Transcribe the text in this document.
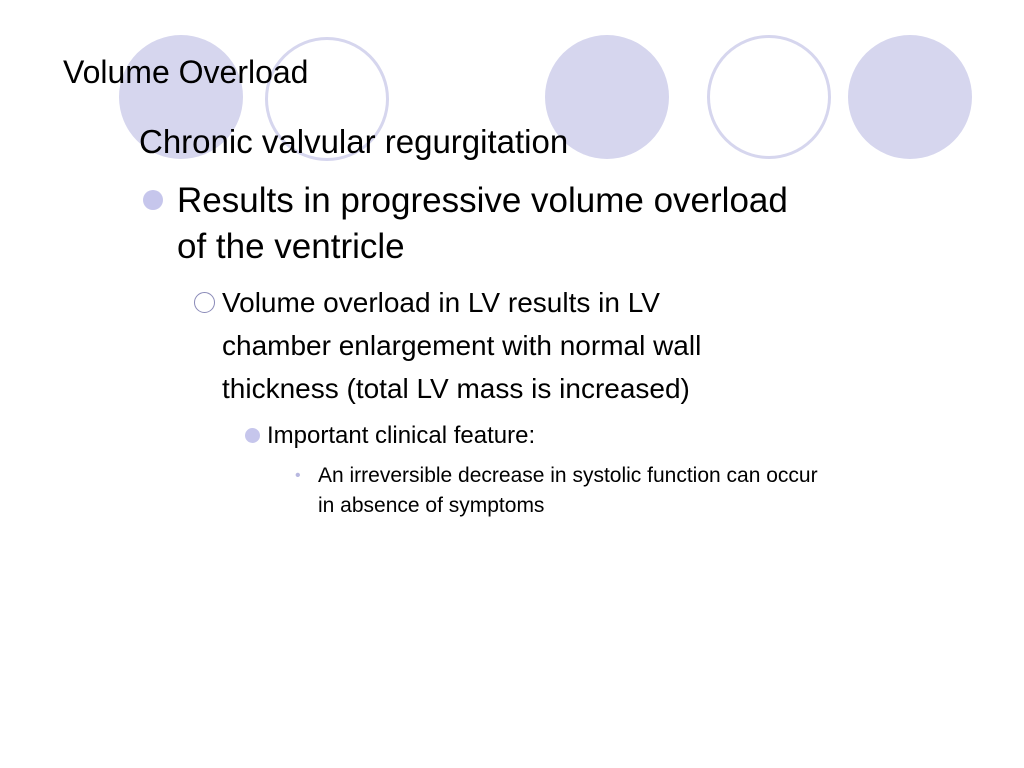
Volume Overload
Chronic valvular regurgitation
Results in progressive volume overload
of the ventricle
Volume overload in LV results in LV
chamber enlargement with normal wall
thickness (total LV mass is increased)
Important clinical feature:
• An irreversible decrease in systolic function can occur
in absence of symptoms
